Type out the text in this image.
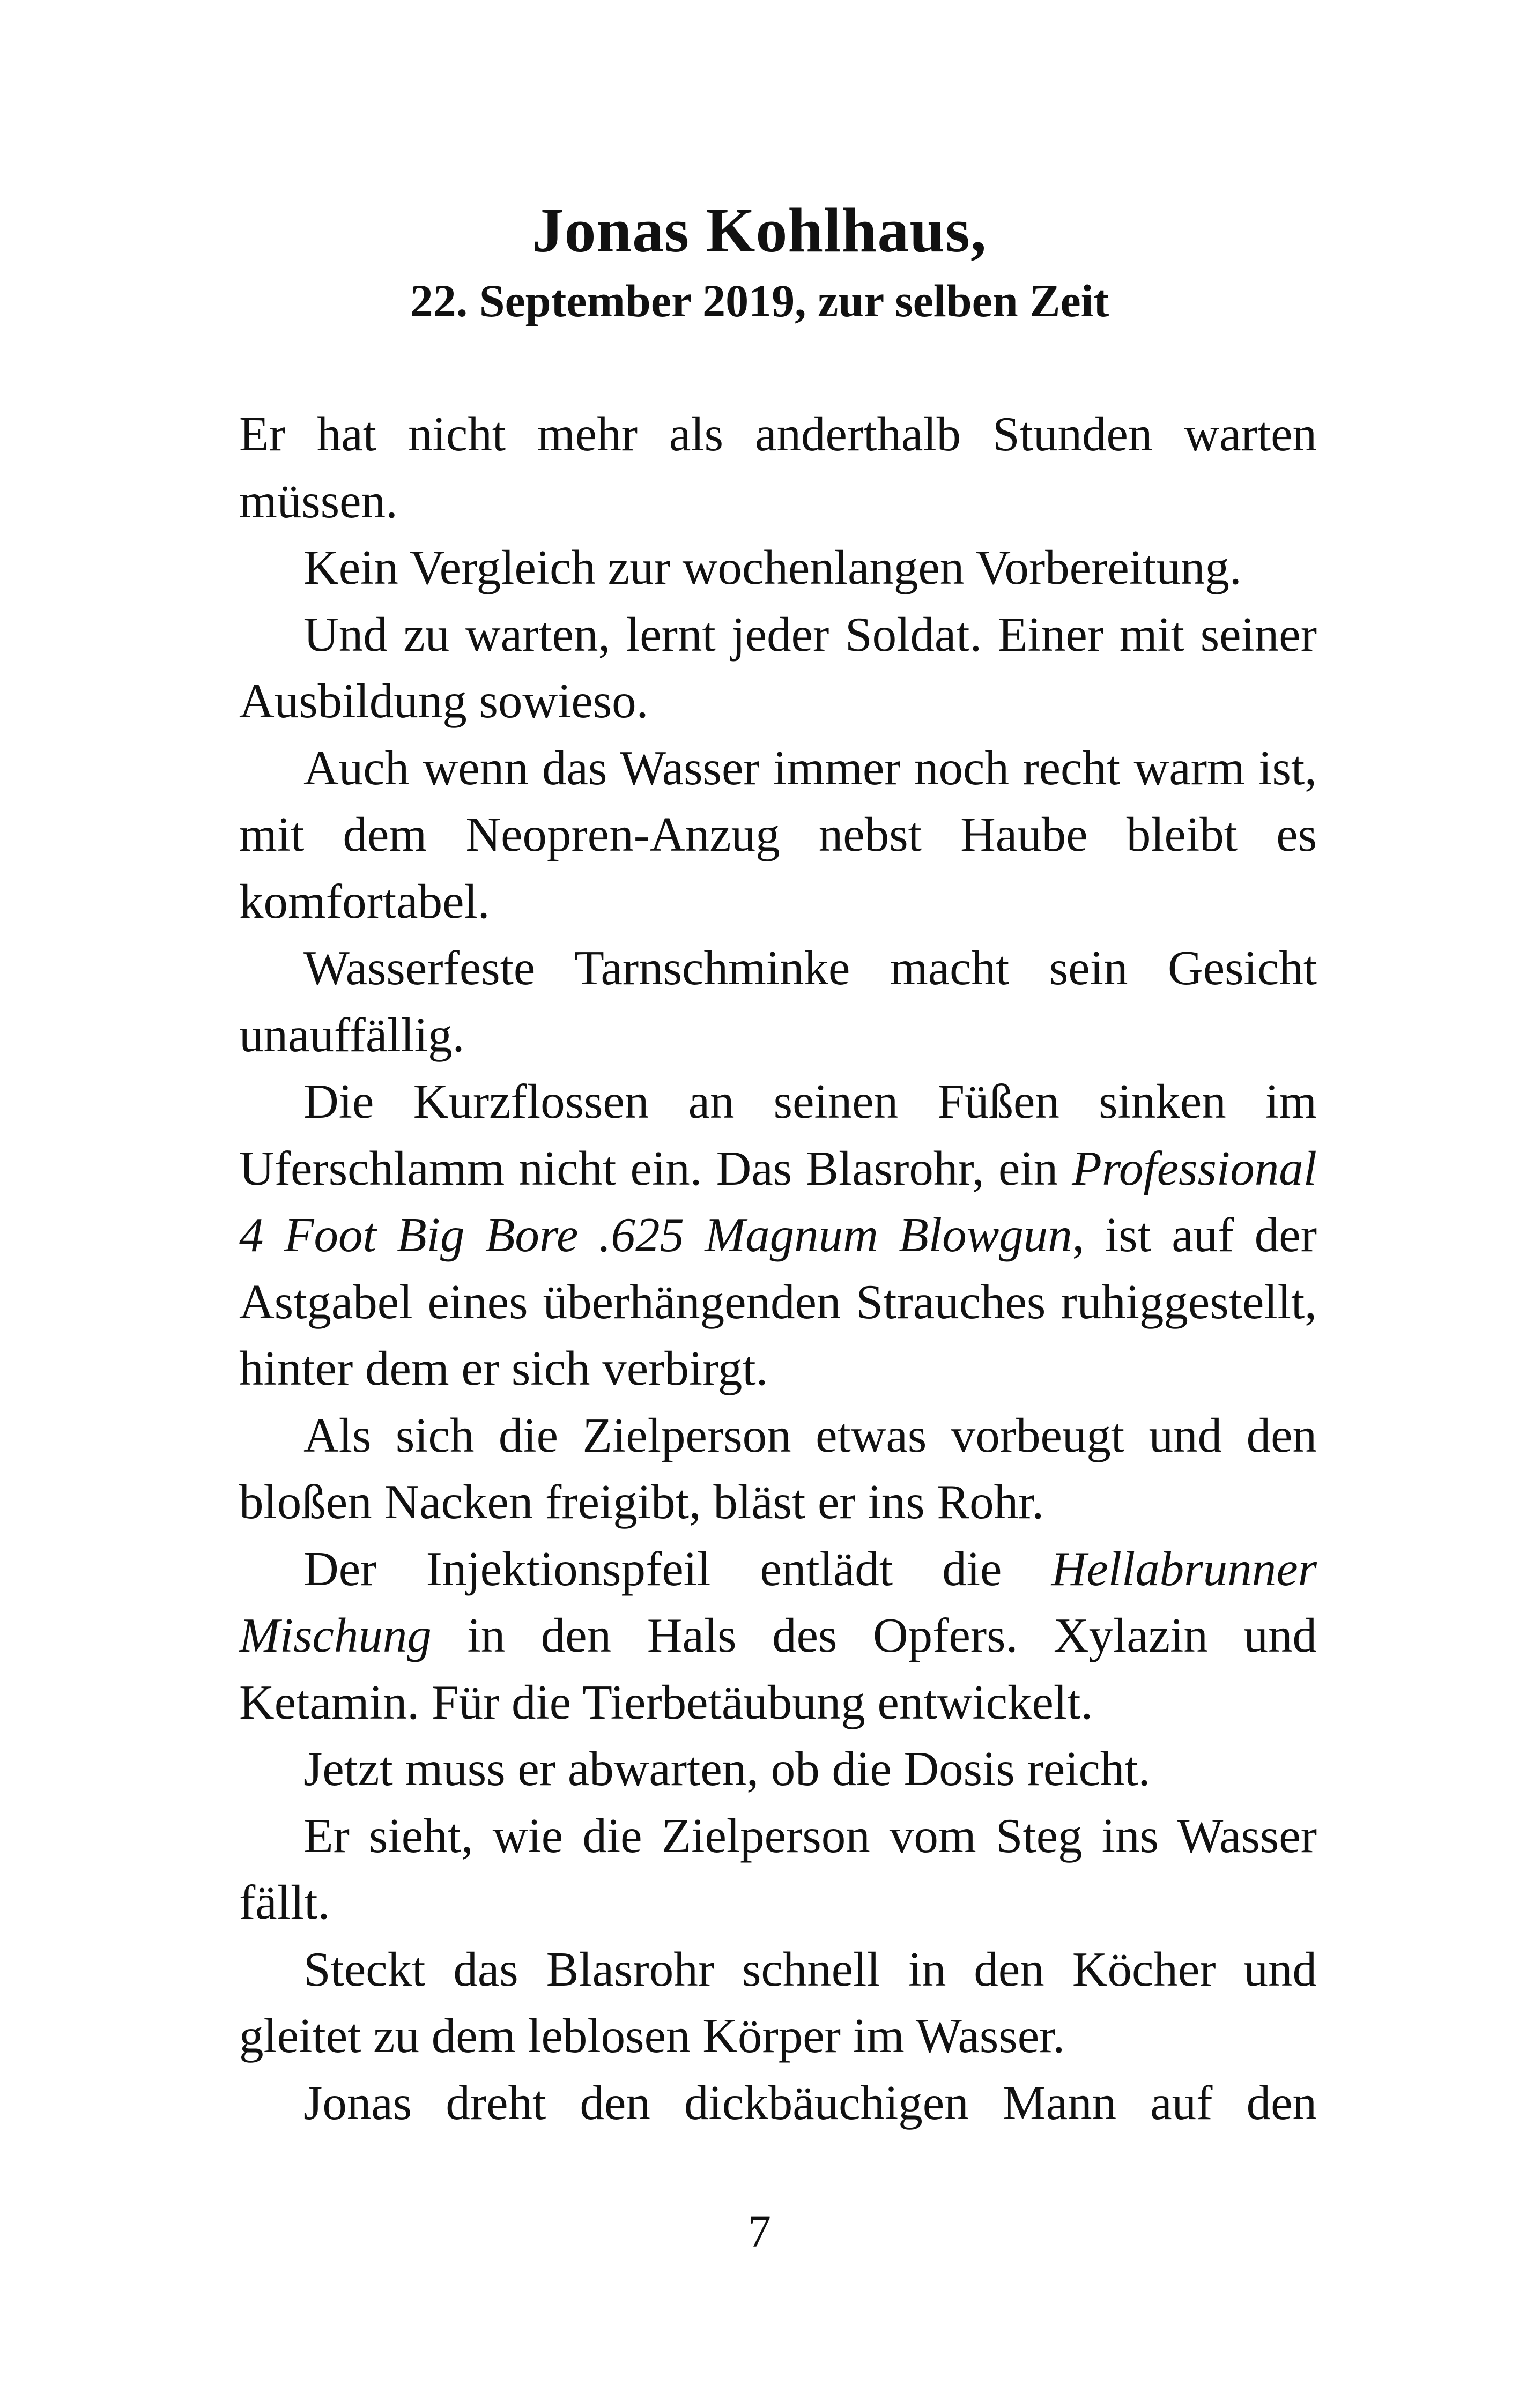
Jonas Kohlhaus,
22. September 2019, zur selben Zeit

Er hat nicht mehr als anderthalb Stunden warten müssen.

Kein Vergleich zur wochenlangen Vorbereitung.

Und zu warten, lernt jeder Soldat. Einer mit seiner Ausbildung sowieso.

Auch wenn das Wasser immer noch recht warm ist, mit dem Neopren-Anzug nebst Haube bleibt es komfortabel.

Wasserfeste Tarnschminke macht sein Gesicht unauffällig.

Die Kurzflossen an seinen Füßen sinken im Uferschlamm nicht ein. Das Blasrohr, ein Professional 4 Foot Big Bore .625 Magnum Blowgun, ist auf der Astgabel eines überhängenden Strauches ruhiggestellt, hinter dem er sich verbirgt.

Als sich die Zielperson etwas vorbeugt und den bloßen Nacken freigibt, bläst er ins Rohr.

Der Injektionspfeil entlädt die Hellabrunner Mischung in den Hals des Opfers. Xylazin und Ketamin. Für die Tierbetäubung entwickelt.

Jetzt muss er abwarten, ob die Dosis reicht.

Er sieht, wie die Zielperson vom Steg ins Wasser fällt.

Steckt das Blasrohr schnell in den Köcher und gleitet zu dem leblosen Körper im Wasser.

Jonas dreht den dickbäuchigen Mann auf den

7
